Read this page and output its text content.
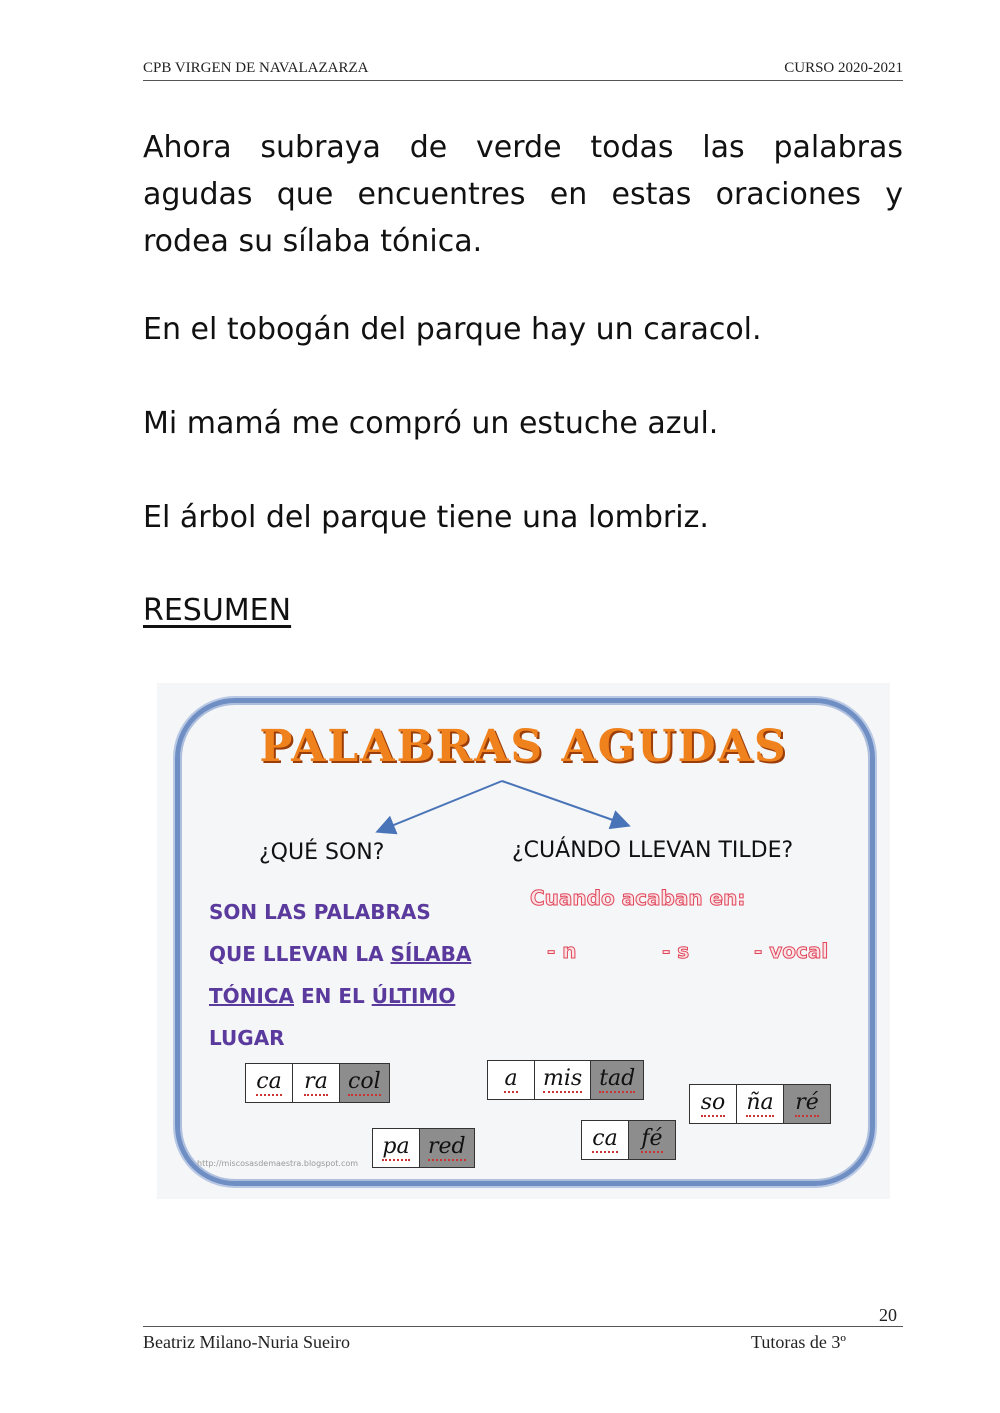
CPB VIRGEN DE NAVALAZARZA	CURSO 2020-2021
Ahora subraya de verde todas las palabras agudas que encuentres en estas oraciones y rodea su sílaba tónica.
En el tobogán del parque hay un caracol.
Mi mamá me compró un estuche azul.
El árbol del parque tiene una lombriz.
RESUMEN
PALABRAS AGUDAS
¿QUÉ SON?	¿CUÁNDO LLEVAN TILDE?
SON LAS PALABRAS
QUE LLEVAN LA SÍLABA
TÓNICA EN EL ÚLTIMO
LUGAR
Cuando acaban en:
- n	- s	- vocal
ca	ra col	a	mis tad
so ña ré
pa red	ca	fé
http://miscosasdemaestra.blogspot.com
20
Beatriz Milano-Nuria Sueiro	Tutoras de 3º
